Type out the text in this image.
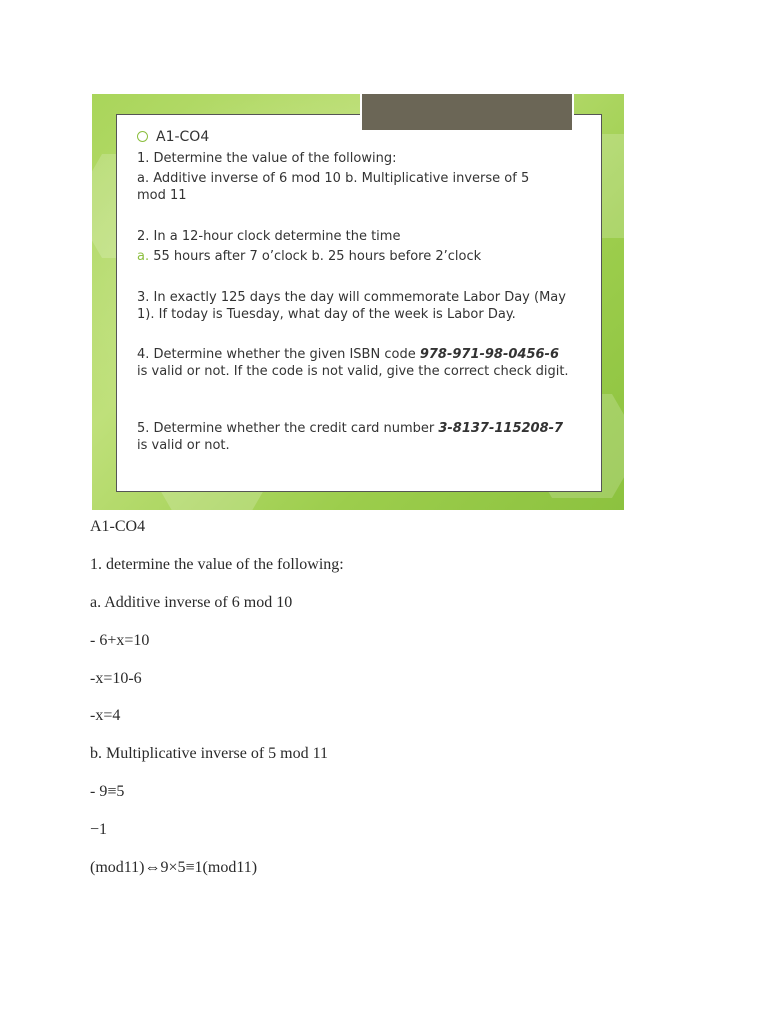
A1-CO4
1. Determine the value of the following:
a. Additive inverse of 6 mod 10 b. Multiplicative inverse of 5
mod 11
2. In a 12-hour clock determine the time
a. 55 hours after 7 o’clock b. 25 hours before 2’clock
3. In exactly 125 days the day will commemorate Labor Day (May
1). If today is Tuesday, what day of the week is Labor Day.
4. Determine whether the given ISBN code 978-971-98-0456-6
is valid or not. If the code is not valid, give the correct check digit.
5. Determine whether the credit card number 3-8137-115208-7
is valid or not.
A1-CO4
1. determine the value of the following:
a. Additive inverse of 6 mod 10
- 6+x=10
-x=10-6
-x=4
b. Multiplicative inverse of 5 mod 11
- 9≡5
−1
(mod11)⇔9×5≡1(mod11)
